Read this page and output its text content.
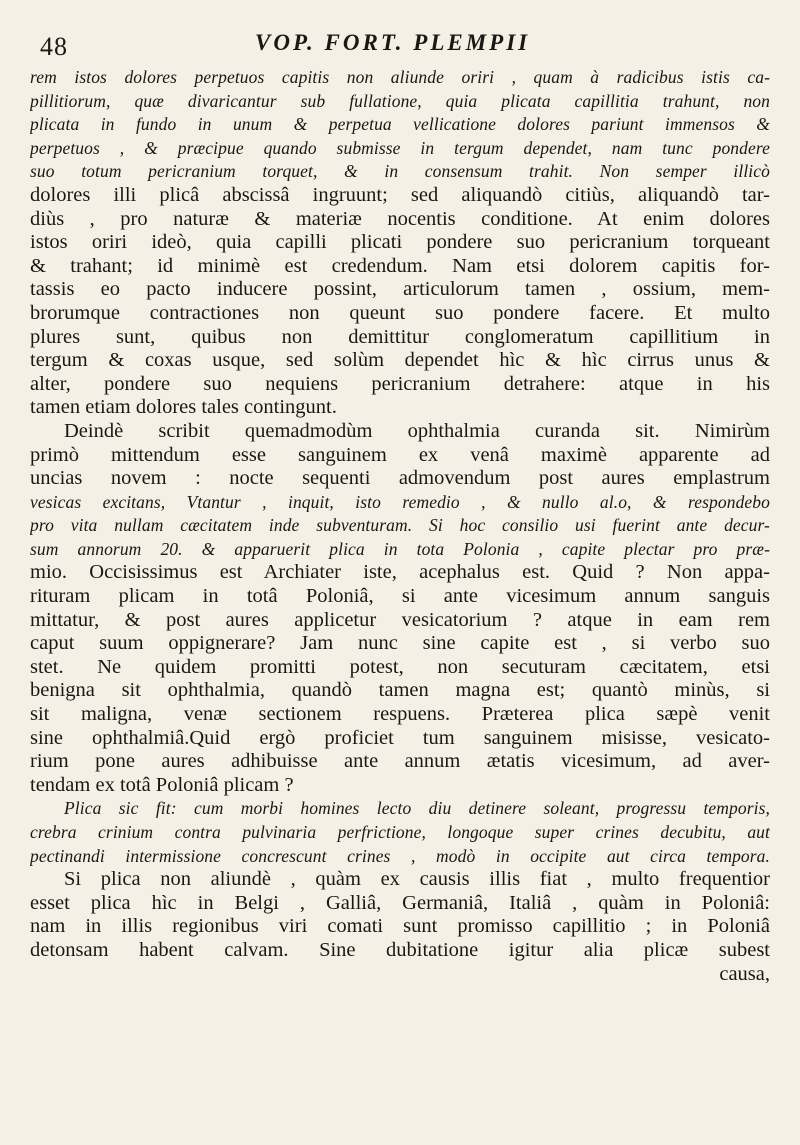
48	VOP. FORT. PLEMPII
rem istos dolores perpetuos capitis non aliunde oriri , quam à radicibus istis ca-
pillitiorum, quæ divaricantur sub fullatione, quia plicata capillitia trahunt, non
plicata in fundo in unum & perpetua vellicatione dolores pariunt immensos &
perpetuos , & præcipue quando submisse in tergum dependet, nam tunc pondere
suo totum pericranium torquet, & in consensum trahit. Non semper illicò
dolores illi plicâ abscissâ ingruunt; sed aliquandò citiùs, aliquandò tar-
diùs , pro naturæ & materiæ nocentis conditione. At enim dolores
istos oriri ideò, quia capilli plicati pondere suo pericranium torqueant
& trahant; id minimè est credendum. Nam etsi dolorem capitis for-
tassis eo pacto inducere possint, articulorum tamen , ossium, mem-
brorumque contractiones non queunt suo pondere facere. Et multo
plures sunt, quibus non demittitur conglomeratum capillitium in
tergum & coxas usque, sed solùm dependet hìc & hìc cirrus unus &
alter, pondere suo nequiens pericranium detrahere: atque in his
tamen etiam dolores tales contingunt.
Deindè scribit quemadmodùm ophthalmia curanda sit. Nimirùm
primò mittendum esse sanguinem ex venâ maximè apparente ad
uncias novem : nocte sequenti admovendum post aures emplastrum
vesicas excitans, Vtantur , inquit, isto remedio , & nullo al.o, & respondebo
pro vita nullam cæcitatem inde subventuram. Si hoc consilio usi fuerint ante decur-
sum annorum 20. & apparuerit plica in tota Polonia , capite plectar pro præ-
mio. Occisissimus est Archiater iste, acephalus est. Quid ? Non appa-
rituram plicam in totâ Poloniâ, si ante vicesimum annum sanguis
mittatur, & post aures applicetur vesicatorium ? atque in eam rem
caput suum oppignerare? Jam nunc sine capite est , si verbo suo
stet. Ne quidem promitti potest, non secuturam cæcitatem, etsi
benigna sit ophthalmia, quandò tamen magna est; quantò minùs, si
sit maligna, venæ sectionem respuens. Præterea plica sæpè venit
sine ophthalmiâ.Quid ergò proficiet tum sanguinem misisse, vesicato-
rium pone aures adhibuisse ante annum ætatis vicesimum, ad aver-
tendam ex totâ Poloniâ plicam ?
Plica sic fit: cum morbi homines lecto diu detinere soleant, progressu temporis,
crebra crinium contra pulvinaria perfrictione, longoque super crines decubitu, aut
pectinandi intermissione concrescunt crines , modò in occipite aut circa tempora.
Si plica non aliundè , quàm ex causis illis fiat , multo frequentior
esset plica hìc in Belgi , Galliâ, Germaniâ, Italiâ , quàm in Poloniâ:
nam in illis regionibus viri comati sunt promisso capillitio ; in Poloniâ
detonsam habent calvam. Sine dubitatione igitur alia plicæ subest
causa,
